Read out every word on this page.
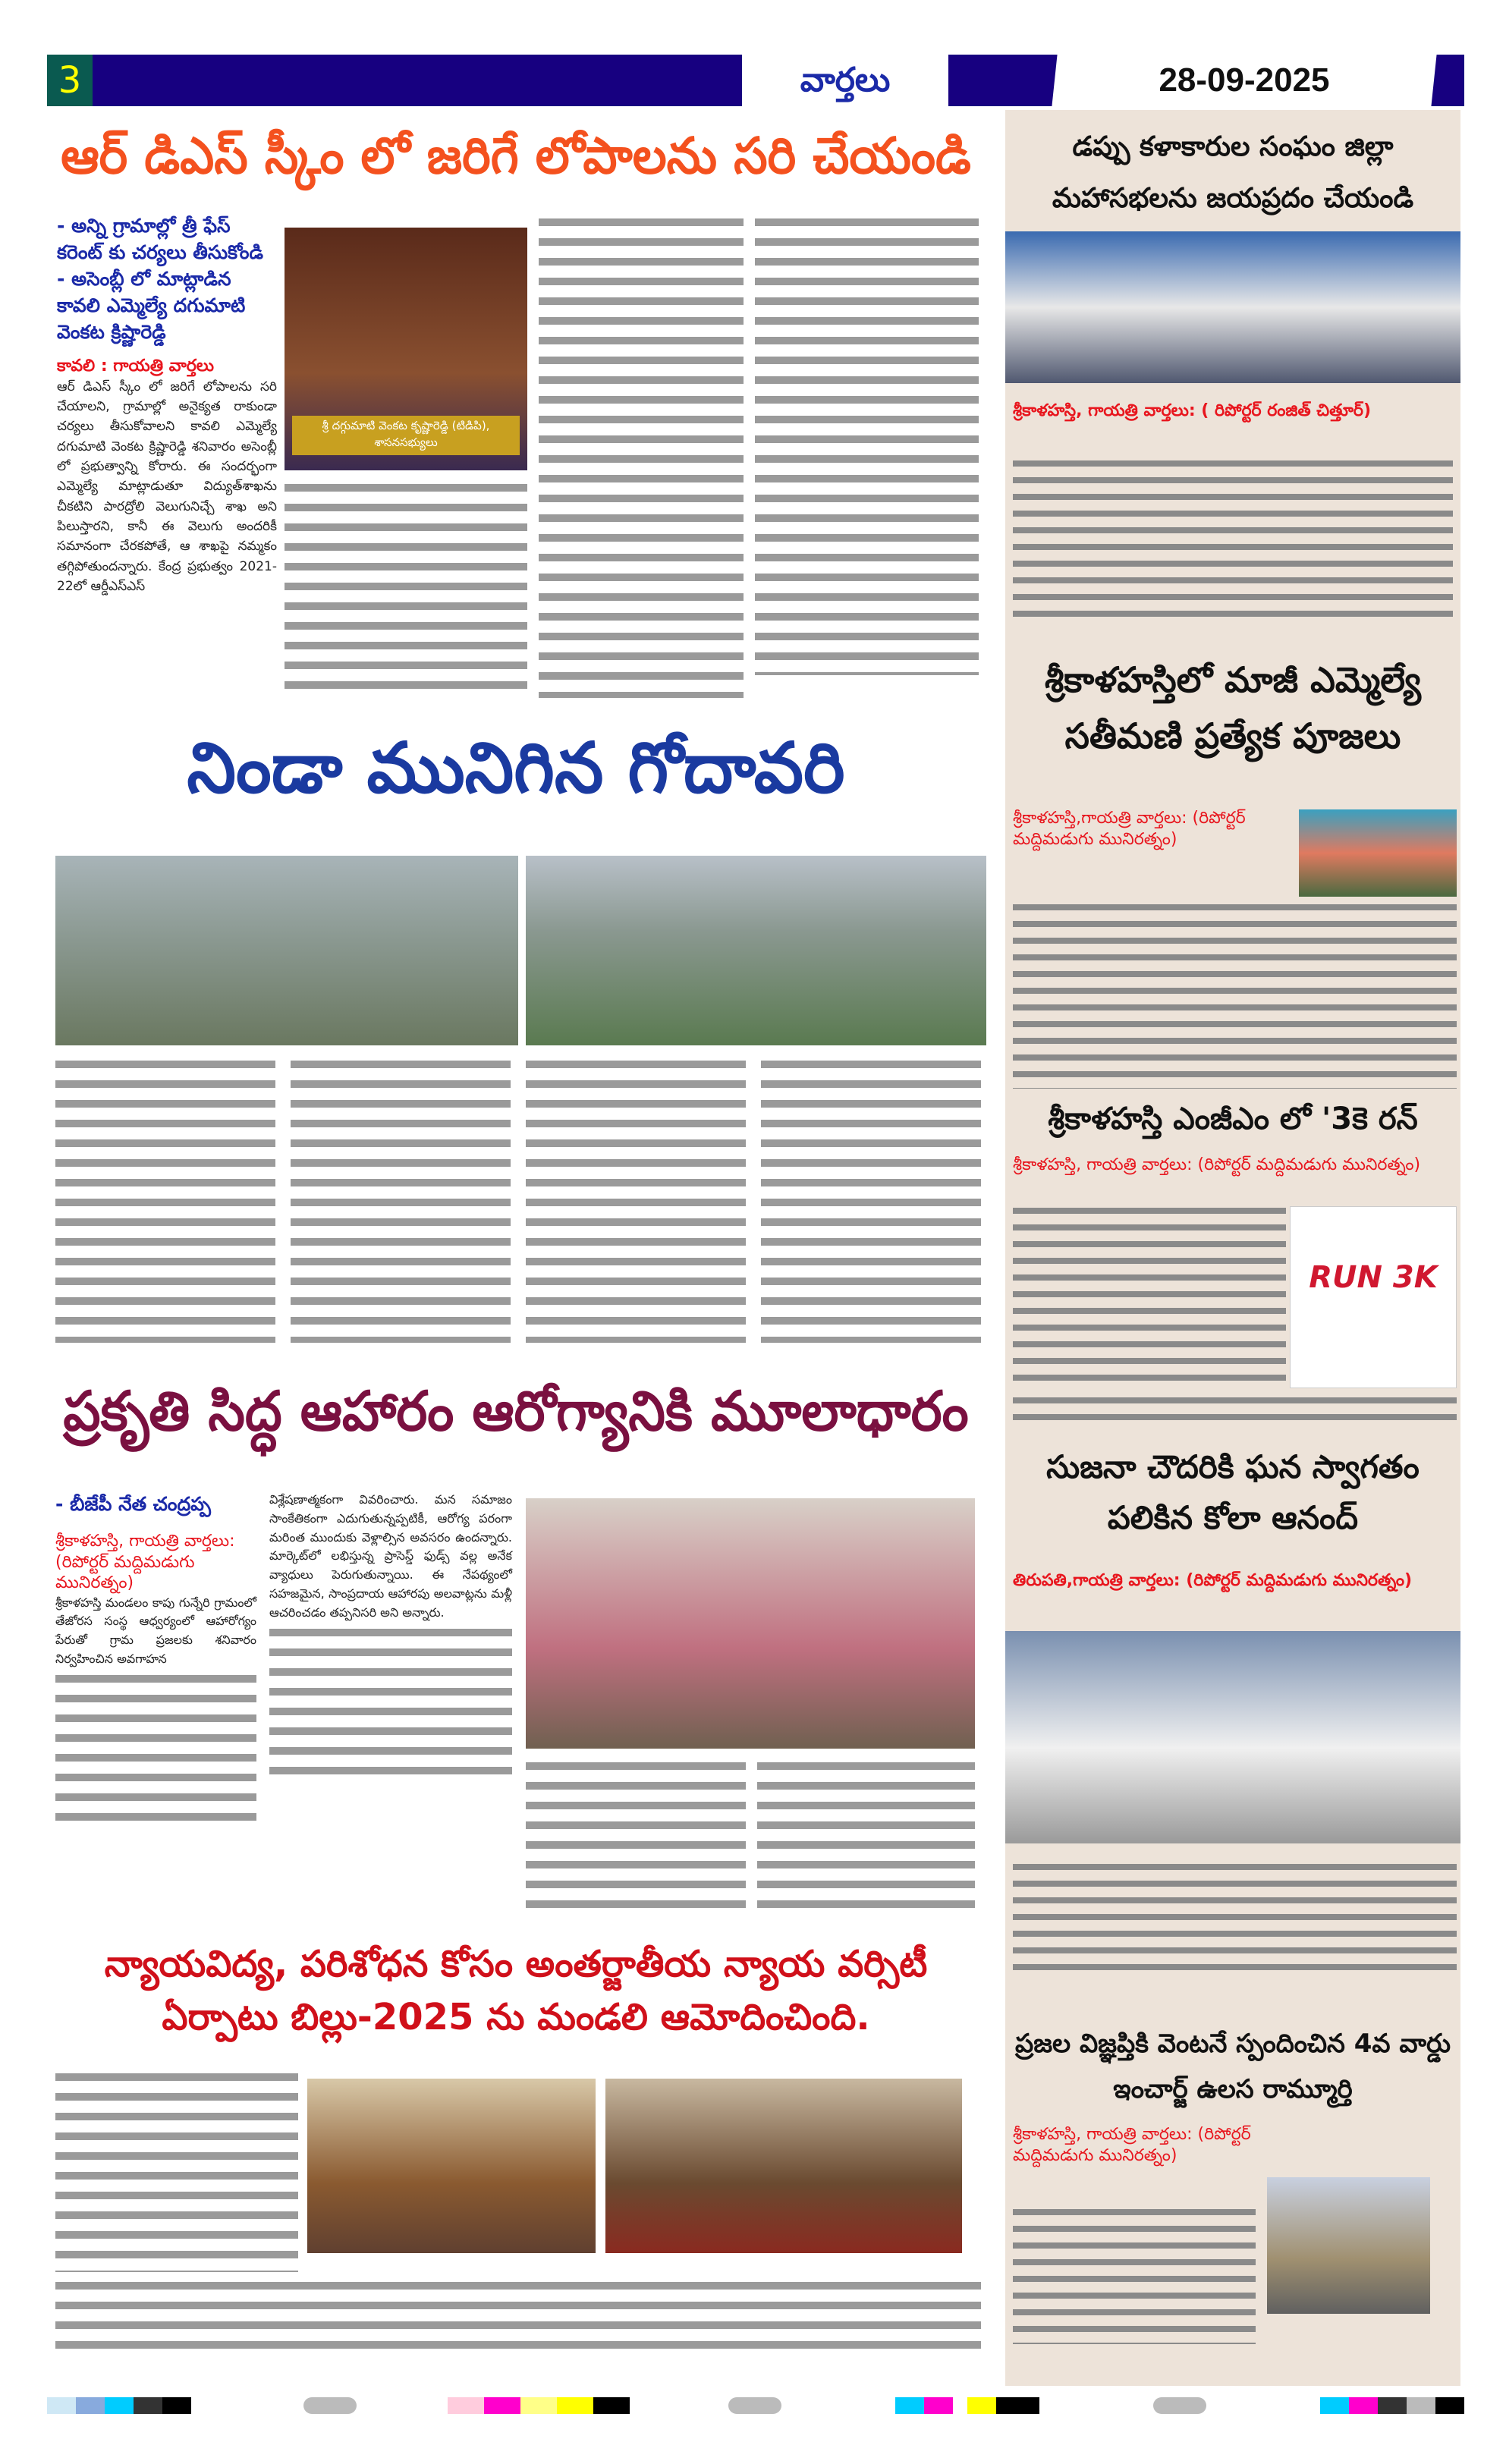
3	వార్తలు	28-09-2025
ఆర్ డిఎస్ స్కీం లో జరిగే లోపాలను సరి చేయండి
- అన్ని గ్రామాల్లో త్రీ ఫేస్ కరెంట్ కు చర్యలు తీసుకోండి
- అసెంబ్లీ లో మాట్లాడిన కావలి ఎమ్మెల్యే దగుమాటి వెంకట క్రిష్ణారెడ్డి
కావలి : గాయత్రి వార్తలు
ఆర్ డిఎస్ స్కీం లో జరిగే లోపాలను సరి చేయాలని, గ్రామాల్లో అనైక్యత రాకుండా చర్యలు తీసుకోవాలని కావలి ఎమ్మెల్యే దగుమాటి వెంకట క్రిష్ణారెడ్డి శనివారం అసెంబ్లీ లో ప్రభుత్వాన్ని కోరారు. ఈ సందర్భంగా ఎమ్మెల్యే మాట్లాడుతూ విద్యుత్‌శాఖను చీకటిని పారద్రోలి వెలుగునిచ్చే శాఖ అని పిలుస్తారని, కానీ ఈ వెలుగు అందరికీ సమానంగా చేరకపోతే, ఆ శాఖపై నమ్మకం తగ్గిపోతుందన్నారు. కేంద్ర ప్రభుత్వం 2021-22లో ఆర్డీఎస్ఎస్
శ్రీ దగ్గుమాటి వెంకట కృష్ణారెడ్డి (టిడిపి), శాసనసభ్యులు
నిండా మునిగిన గోదావరి
ప్రకృతి సిద్ధ ఆహారం ఆరోగ్యానికి మూలాధారం
- బీజేపీ నేత చంద్రప్ప
శ్రీకాళహస్తి, గాయత్రి వార్తలు: (రిపోర్టర్ మద్దిమడుగు మునిరత్నం)
శ్రీకాళహస్తి మండలం కాపు గున్నేరి గ్రామంలో తేజోరస సంస్థ ఆధ్వర్యంలో ఆహారోగ్యం పేరుతో గ్రామ ప్రజలకు శనివారం నిర్వహించిన అవగాహన
విశ్లేషణాత్మకంగా వివరించారు. మన సమాజం సాంకేతికంగా ఎదుగుతున్నప్పటికీ, ఆరోగ్య పరంగా మరింత ముందుకు వెళ్లాల్సిన అవసరం ఉందన్నారు. మార్కెట్‌లో లభిస్తున్న ప్రాసెస్డ్ ఫుడ్స్ వల్ల అనేక వ్యాధులు పెరుగుతున్నాయి. ఈ నేపథ్యంలో సహజమైన, సాంప్రదాయ ఆహారపు అలవాట్లను మళ్లీ ఆచరించడం తప్పనిసరి అని అన్నారు.
న్యాయవిద్య, పరిశోధన కోసం అంతర్జాతీయ న్యాయ వర్సిటీ ఏర్పాటు బిల్లు-2025 ను మండలి ఆమోదించింది.
డప్పు కళాకారుల సంఘం జిల్లా మహాసభలను జయప్రదం చేయండి
శ్రీకాళహస్తి, గాయత్రి వార్తలు: ( రిపోర్టర్ రంజిత్ చిత్తూర్)
శ్రీకాళహస్తిలో మాజీ ఎమ్మెల్యే సతీమణి ప్రత్యేక పూజలు
శ్రీకాళహస్తి,గాయత్రి వార్తలు: (రిపోర్టర్ మద్దిమడుగు మునిరత్నం)
శ్రీకాళహస్తి ఎంజీఎం లో '3కె రన్
శ్రీకాళహస్తి, గాయత్రి వార్తలు: (రిపోర్టర్ మద్దిమడుగు మునిరత్నం)
RUN 3K
సుజనా చౌదరికి ఘన స్వాగతం పలికిన కోలా ఆనంద్
తిరుపతి,గాయత్రి వార్తలు: (రిపోర్టర్ మద్దిమడుగు మునిరత్నం)
ప్రజల విజ్ఞప్తికి వెంటనే స్పందించిన 4వ వార్డు ఇంచార్జ్ ఉలస రామ్మూర్తి
శ్రీకాళహస్తి, గాయత్రి వార్తలు: (రిపోర్టర్ మద్దిమడుగు మునిరత్నం)
